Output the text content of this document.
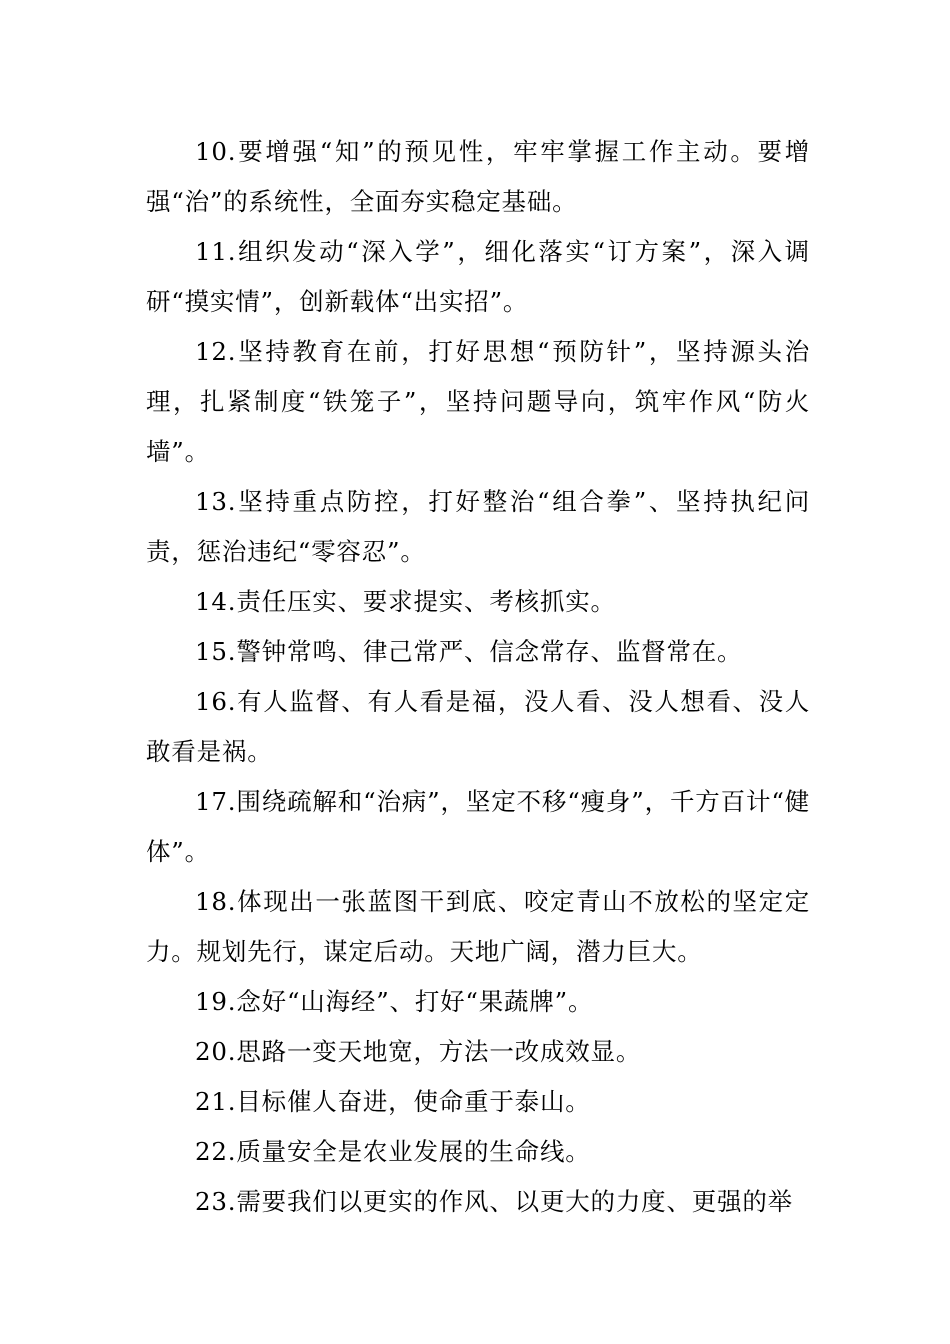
10.要增强“知”的预见性，牢牢掌握工作主动。要增强“治”的系统性，全面夯实稳定基础。

11.组织发动“深入学”，细化落实“订方案”，深入调研“摸实情”，创新载体“出实招”。

12.坚持教育在前，打好思想“预防针”，坚持源头治理，扎紧制度“铁笼子”，坚持问题导向，筑牢作风“防火墙”。

13.坚持重点防控，打好整治“组合拳”、坚持执纪问责，惩治违纪“零容忍”。

14.责任压实、要求提实、考核抓实。

15.警钟常鸣、律己常严、信念常存、监督常在。

16.有人监督、有人看是福，没人看、没人想看、没人敢看是祸。

17.围绕疏解和“治病”，坚定不移“瘦身”，千方百计“健体”。

18.体现出一张蓝图干到底、咬定青山不放松的坚定定力。规划先行，谋定后动。天地广阔，潜力巨大。

19.念好“山海经”、打好“果蔬牌”。

20.思路一变天地宽，方法一改成效显。

21.目标催人奋进，使命重于泰山。

22.质量安全是农业发展的生命线。

23.需要我们以更实的作风、以更大的力度、更强的举
